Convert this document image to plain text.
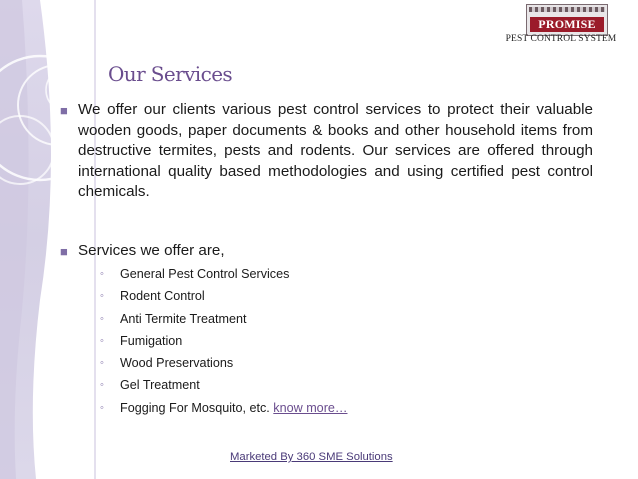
PROMISE
PEST CONTROL SYSTEM
Our Services
■ We offer our clients various pest control services to protect their valuable wooden goods, paper documents & books and other household items from destructive termites, pests and rodents. Our services are offered through international quality based methodologies and using certified pest control chemicals.

■ Services we offer are,

◦ General Pest Control Services
◦ Rodent Control
◦ Anti Termite Treatment
◦ Fumigation
◦ Wood Preservations
◦ Gel Treatment
◦ Fogging For Mosquito, etc. know more…
Marketed By 360 SME Solutions
